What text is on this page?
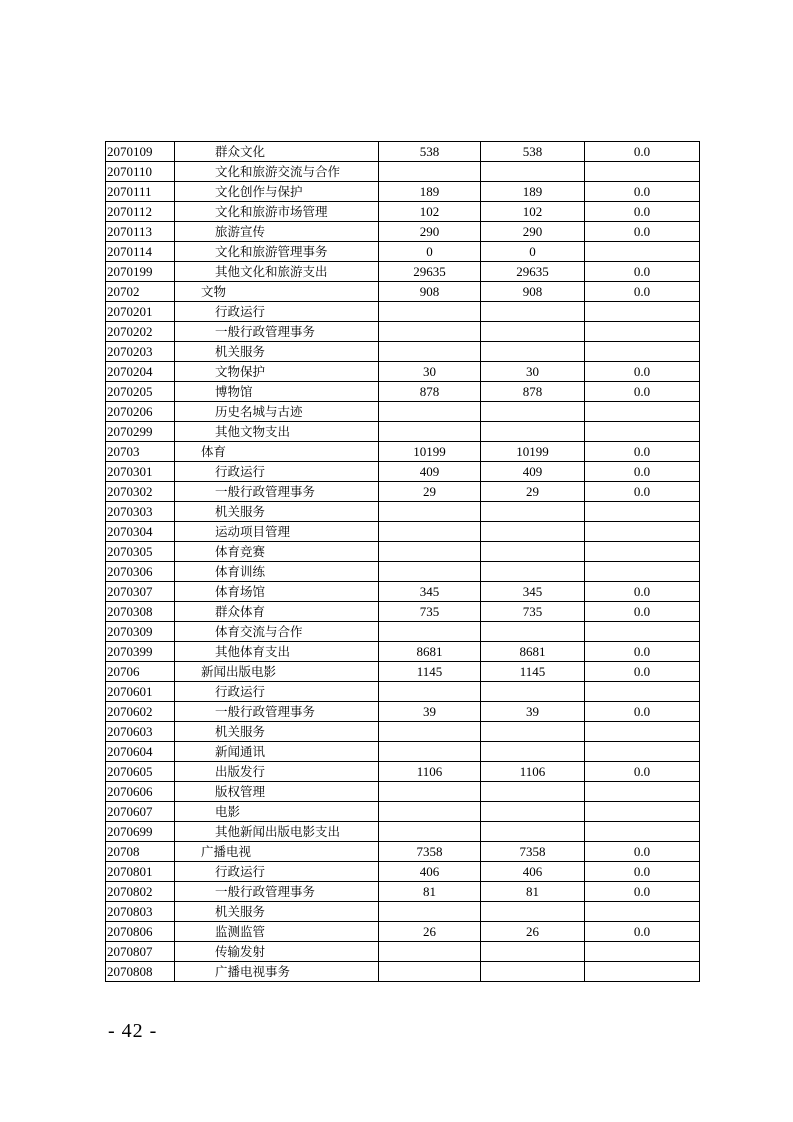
2070109	群众文化	538	538	0.0
2070110	文化和旅游交流与合作			
2070111	文化创作与保护	189	189	0.0
2070112	文化和旅游市场管理	102	102	0.0
2070113	旅游宣传	290	290	0.0
2070114	文化和旅游管理事务	0	0	
2070199	其他文化和旅游支出	29635	29635	0.0
20702	文物	908	908	0.0
2070201	行政运行			
2070202	一般行政管理事务			
2070203	机关服务			
2070204	文物保护	30	30	0.0
2070205	博物馆	878	878	0.0
2070206	历史名城与古迹			
2070299	其他文物支出			
20703	体育	10199	10199	0.0
2070301	行政运行	409	409	0.0
2070302	一般行政管理事务	29	29	0.0
2070303	机关服务			
2070304	运动项目管理			
2070305	体育竞赛			
2070306	体育训练			
2070307	体育场馆	345	345	0.0
2070308	群众体育	735	735	0.0
2070309	体育交流与合作			
2070399	其他体育支出	8681	8681	0.0
20706	新闻出版电影	1145	1145	0.0
2070601	行政运行			
2070602	一般行政管理事务	39	39	0.0
2070603	机关服务			
2070604	新闻通讯			
2070605	出版发行	1106	1106	0.0
2070606	版权管理			
2070607	电影			
2070699	其他新闻出版电影支出			
20708	广播电视	7358	7358	0.0
2070801	行政运行	406	406	0.0
2070802	一般行政管理事务	81	81	0.0
2070803	机关服务			
2070806	监测监管	26	26	0.0
2070807	传输发射			
2070808	广播电视事务			
- 42 -
